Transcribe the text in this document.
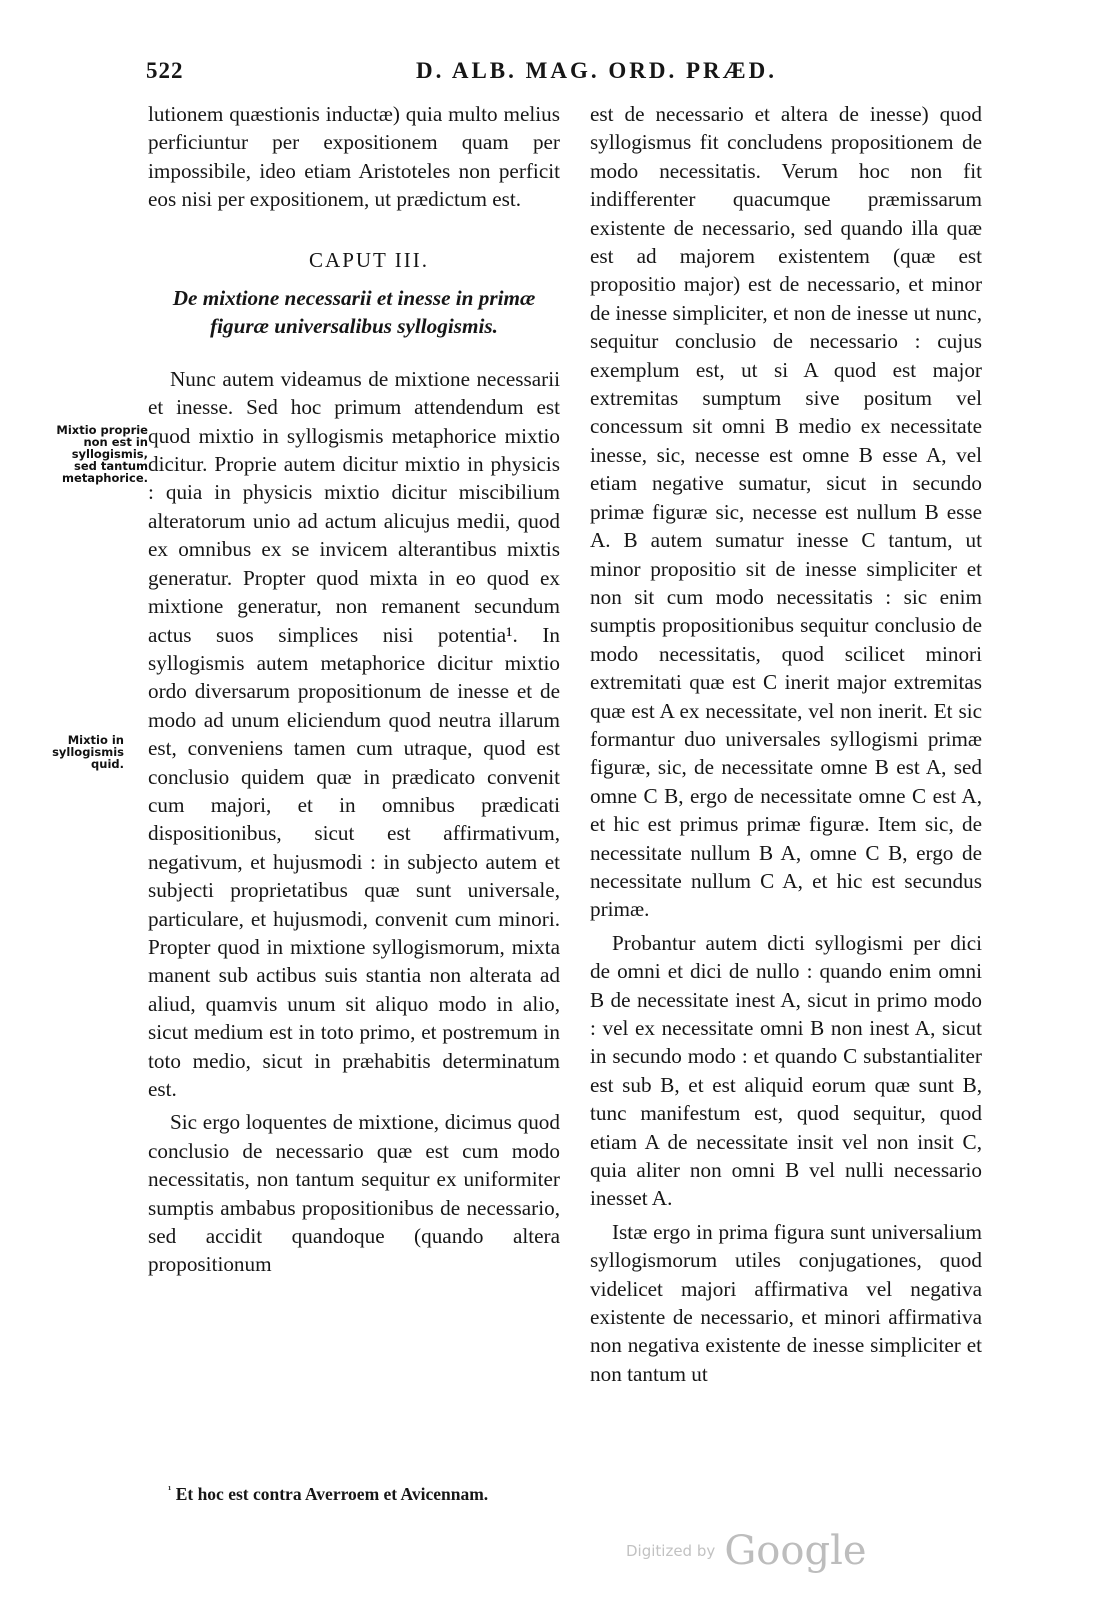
522	D. ALB. MAG. ORD. PRÆD.
Mixtio proprie non est in syllogismis, sed tantum metaphorice.
Mixtio in syllogismis quid.

lutionem quæstionis inductæ) quia multo melius perficiuntur per expositionem quam per impossibile, ideo etiam Aristoteles non perficit eos nisi per expositionem, ut prædictum est.

CAPUT III.
De mixtione necessarii et inesse in primæ figuræ universalibus syllogismis.

Nunc autem videamus de mixtione necessarii et inesse. Sed hoc primum attendendum est quod mixtio in syllogismis metaphorice mixtio dicitur. Proprie autem dicitur mixtio in physicis : quia in physicis mixtio dicitur miscibilium alteratorum unio ad actum alicujus medii, quod ex omnibus ex se invicem alterantibus mixtis generatur. Propter quod mixta in eo quod ex mixtione generatur, non remanent secundum actus suos simplices nisi potentia¹. In syllogismis autem metaphorice dicitur mixtio ordo diversarum propositionum de inesse et de modo ad unum eliciendum quod neutra illarum est, conveniens tamen cum utraque, quod est conclusio quidem quæ in prædicato convenit cum majori, et in omnibus prædicati dispositionibus, sicut est affirmativum, negativum, et hujusmodi : in subjecto autem et subjecti proprietatibus quæ sunt universale, particulare, et hujusmodi, convenit cum minori. Propter quod in mixtione syllogismorum, mixta manent sub actibus suis stantia non alterata ad aliud, quamvis unum sit aliquo modo in alio, sicut medium est in toto primo, et postremum in toto medio, sicut in præhabitis determinatum est.

Sic ergo loquentes de mixtione, dicimus quod conclusio de necessario quæ est cum modo necessitatis, non tantum sequitur ex uniformiter sumptis ambabus propositionibus de necessario, sed accidit quandoque (quando altera propositionum

est de necessario et altera de inesse) quod syllogismus fit concludens propositionem de modo necessitatis. Verum hoc non fit indifferenter quacumque præmissarum existente de necessario, sed quando illa quæ est ad majorem existentem (quæ est propositio major) est de necessario, et minor de inesse simpliciter, et non de inesse ut nunc, sequitur conclusio de necessario : cujus exemplum est, ut si A quod est major extremitas sumptum sive positum vel concessum sit omni B medio ex necessitate inesse, sic, necesse est omne B esse A, vel etiam negative sumatur, sicut in secundo primæ figuræ sic, necesse est nullum B esse A. B autem sumatur inesse C tantum, ut minor propositio sit de inesse simpliciter et non sit cum modo necessitatis : sic enim sumptis propositionibus sequitur conclusio de modo necessitatis, quod scilicet minori extremitati quæ est C inerit major extremitas quæ est A ex necessitate, vel non inerit. Et sic formantur duo universales syllogismi primæ figuræ, sic, de necessitate omne B est A, sed omne C B, ergo de necessitate omne C est A, et hic est primus primæ figuræ. Item sic, de necessitate nullum B A, omne C B, ergo de necessitate nullum C A, et hic est secundus primæ.

Probantur autem dicti syllogismi per dici de omni et dici de nullo : quando enim omni B de necessitate inest A, sicut in primo modo : vel ex necessitate omni B non inest A, sicut in secundo modo : et quando C substantialiter est sub B, et est aliquid eorum quæ sunt B, tunc manifestum est, quod sequitur, quod etiam A de necessitate insit vel non insit C, quia aliter non omni B vel nulli necessario inesset A.

Istæ ergo in prima figura sunt universalium syllogismorum utiles conjugationes, quod videlicet majori affirmativa vel negativa existente de necessario, et minori affirmativa non negativa existente de inesse simpliciter et non tantum ut

$^{^1}$ Et hoc est contra Averroem et Avicennam.
Digitized by Google
